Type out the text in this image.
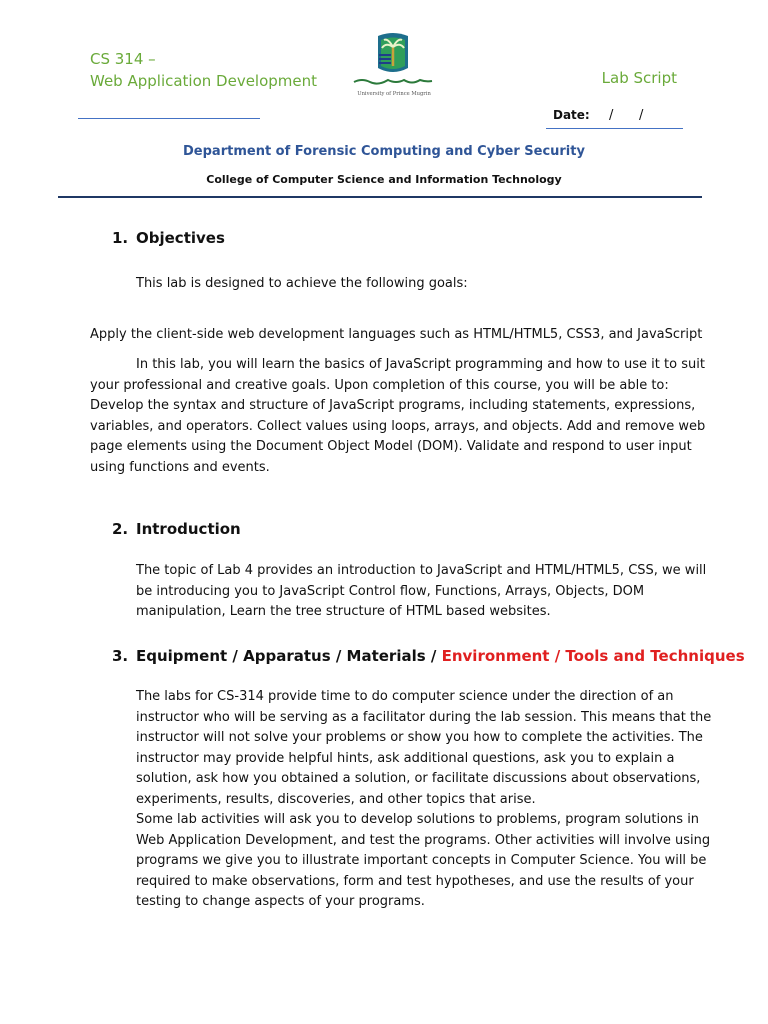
CS 314 –
Web Application Development
University of Prince Mugrin
Lab Script
Date: / /
Department of Forensic Computing and Cyber Security
College of Computer Science and Information Technology
1. Objectives
This lab is designed to achieve the following goals:
Apply the client-side web development languages such as HTML/HTML5, CSS3, and JavaScript
In this lab, you will learn the basics of JavaScript programming and how to use it to suit
your professional and creative goals. Upon completion of this course, you will be able to:
Develop the syntax and structure of JavaScript programs, including statements, expressions,
variables, and operators. Collect values using loops, arrays, and objects. Add and remove web
page elements using the Document Object Model (DOM). Validate and respond to user input
using functions and events.
2. Introduction
The topic of Lab 4 provides an introduction to JavaScript and HTML/HTML5, CSS, we will
be introducing you to JavaScript Control flow, Functions, Arrays, Objects, DOM
manipulation, Learn the tree structure of HTML based websites.
3. Equipment / Apparatus / Materials / Environment / Tools and Techniques
The labs for CS-314 provide time to do computer science under the direction of an
instructor who will be serving as a facilitator during the lab session. This means that the
instructor will not solve your problems or show you how to complete the activities. The
instructor may provide helpful hints, ask additional questions, ask you to explain a
solution, ask how you obtained a solution, or facilitate discussions about observations,
experiments, results, discoveries, and other topics that arise.
Some lab activities will ask you to develop solutions to problems, program solutions in
Web Application Development, and test the programs. Other activities will involve using
programs we give you to illustrate important concepts in Computer Science. You will be
required to make observations, form and test hypotheses, and use the results of your
testing to change aspects of your programs.
